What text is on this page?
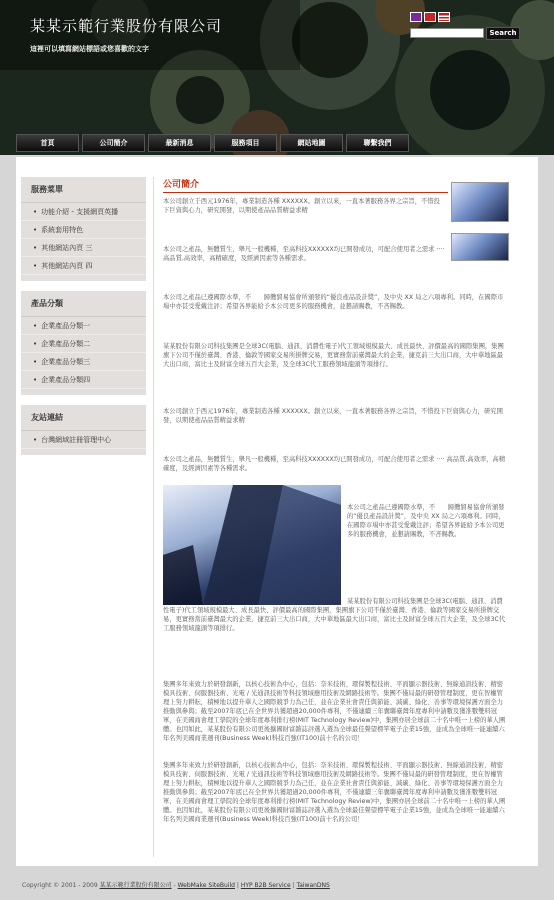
某某示範行業股份有限公司
這裡可以填寫網站標語或您喜歡的文字
Search
首頁	公司簡介	最新消息	服務項目	網站地圖	聯繫我們
服務菜單
• 功能介紹 - 支援網頁英播
• 系統套用特色
• 其他網站內頁 三
• 其他網站內頁 四
產品分類
• 企業產品分類一
• 企業產品分類二
• 企業產品分類三
• 企業產品分類四
友站連結
• 台灣網域註冊管理中心
公司簡介
本公司創立于西元1976年，專業制造各種 XXXXXX。創立以來，一直本著服務各界之宗旨，不惜投下巨資與心力，研究開發，以期使產品品質精益求精
本公司之產品，無體質生，舉凡一般機種，至高科技XXXXXX均已開發成功，可配合使用者之需求 ‧‧‧‧ 高品質,高效率，高精確度，及經濟因素等各種需求。
本公司之產品已遵國際水準，不　　歸攬貿易協會所頒發的“優良產品設計獎”，及中央 XX 局之六項專利。同時，在國際市場中亦甚受愛戴注評；希望各界能給予本公司更多的服務機會，並懇請賜教，不吝賜教。
某某股份有限公司科技集團是全球3C(電腦、通訊、消費性電子)代工領域規模最大、成長最快、評價最高的國際集團，集團旗下公司不僅於臺灣、香港、倫敦等國家交易所掛牌交易，更實務當前臺灣最大的企業，捷克前三大出口商，大中華地區最大出口商，富比士及財富全球五百大企業，及全球3C代工服務領域龍頭等項排行。
本公司創立于西元1976年，專業制造各種 XXXXXX。創立以來，一直本著服務各界之宗旨，不惜投下巨資與心力，研究開發，以期使產品品質精益求精
本公司之產品，無體質生，舉凡一般機種，至高科技XXXXXX均已開發成功，可配合使用者之需求 ‧‧‧‧ 高品質,高效率，高精確度，及經濟因素等各種需求。
本公司之產品已遵國際水準，不　　歸攬貿易協會所頒發的“優良產品設計獎”，及中央 XX 局之六項專利。同時，在國際市場中亦甚受愛戴注評；希望各界能給予本公司更多的服務機會，並懇請賜教，不吝賜教。
某某股份有限公司科技集團是全球3C(電腦、通訊、消費性電子)代工領域規模最大、成長最快、評價最高的國際集團，集團旗下公司不僅於臺灣、香港、倫敦等國家交易所掛牌交易，更實務當前臺灣最大的企業，捷克前三大出口商，大中華地區最大出口商，富比士及財富全球五百大企業，及全球3C代工服務領域龍頭等項排行。
集團多年來致力於研發創新，以核心技術為中心，包括：奈米技術、環保製程技術、平面顯示器技術、無線通訊技術、精密模具技術、伺服器技術、光電 / 光通訊技術等科技領域應用技術及網路技術等。集團不僅局最的研發管理制度，更在智權管理上努力耕耘，積極地以提升華人之國際競爭力為己任，並在企業社會責任與節能、減碳、綠化、善事等環境保護方面全力推動與參與；截至2007年底已在全世界共獲超過20,000件專利，不僅連續三年囊聯臺灣年度專利申請數及獲准數雙料冠軍，在美國商會理工學院的全球年度專利排行榜(MIT Technology Review)中，集團亦居全球前二十名中唯一上榜的華人團體。也因如此，某某股份有限公司更後擴國財富雜誌評選入選為全球最佳聲望標竿電子企業15強，並成為全球唯一能連續六年名列美國商業週刊(Business Week)科技百強(IT100)前十名的公司！
集團多年來致力於研發創新，以核心技術為中心，包括：奈米技術、環保製程技術、平面顯示器技術、無線通訊技術、精密模具技術、伺服器技術、光電 / 光通訊技術等科技領域應用技術及網路技術等。集團不僅局最的研發管理制度，更在智權管理上努力耕耘，積極地以提升華人之國際競爭力為己任，並在企業社會責任與節能、減碳、綠化、善事等環境保護方面全力推動與參與；截至2007年底已在全世界共獲超過20,000件專利，不僅連續三年囊聯臺灣年度專利申請數及獲准數雙料冠軍，在美國商會理工學院的全球年度專利排行榜(MIT Technology Review)中，集團亦居全球前二十名中唯一上榜的華人團體。也因如此，某某股份有限公司更後擴國財富雜誌評選入選為全球最佳聲望標竿電子企業15強，並成為全球唯一能連續六年名列美國商業週刊(Business Week)科技百強(IT100)前十名的公司！
Copyright © 2001 - 2009 某某示範行業股份有限公司 - WebMake SiteBuild | HYP B2B Service | TaiwanDNS
